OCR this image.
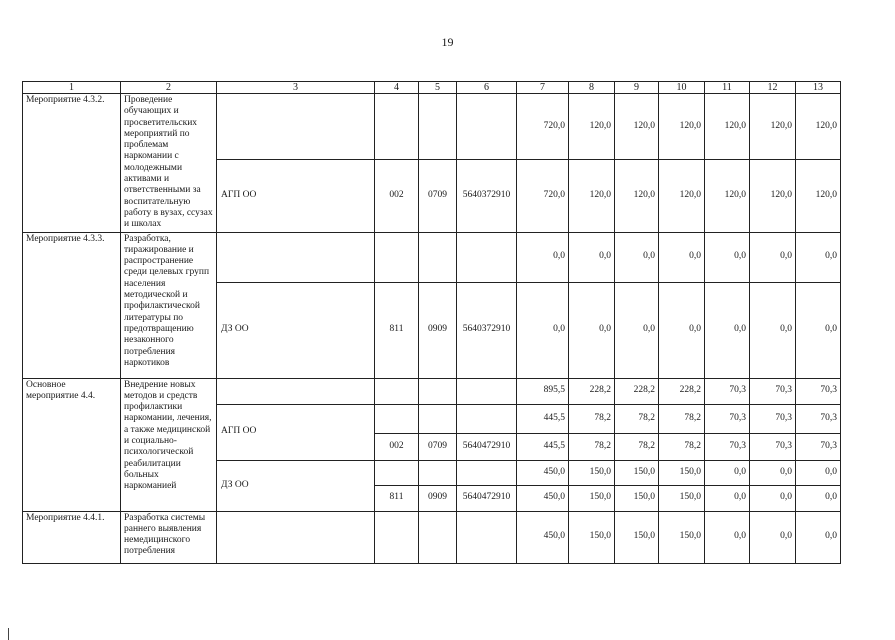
19
1	2	3	4	5	6	7	8	9	10	11	12	13
Мероприятие 4.3.2.	Проведение обучающих и просветительских мероприятий по проблемам наркомании с молодежными активами и ответственными за воспитательную работу в вузах, ссузах и школах					720,0	120,0	120,0	120,0	120,0	120,0	120,0
		АГП ОО	002	0709	5640372910	720,0	120,0	120,0	120,0	120,0	120,0	120,0
Мероприятие 4.3.3.	Разработка, тиражирование и распространение среди целевых групп населения методической и профилактической литературы по предотвращению незаконного потребления наркотиков					0,0	0,0	0,0	0,0	0,0	0,0	0,0
		ДЗ ОО	811	0909	5640372910	0,0	0,0	0,0	0,0	0,0	0,0	0,0
Основное мероприятие 4.4.	Внедрение новых методов и средств профилактики наркомании, лечения, а также медицинской и социально-психологической реабилитации больных наркоманией					895,5	228,2	228,2	228,2	70,3	70,3	70,3
		АГП ОО				445,5	78,2	78,2	78,2	70,3	70,3	70,3
			002	0709	5640472910	445,5	78,2	78,2	78,2	70,3	70,3	70,3
		ДЗ ОО				450,0	150,0	150,0	150,0	0,0	0,0	0,0
			811	0909	5640472910	450,0	150,0	150,0	150,0	0,0	0,0	0,0
Мероприятие 4.4.1.	Разработка системы раннего выявления немедицинского потребления					450,0	150,0	150,0	150,0	0,0	0,0	0,0
